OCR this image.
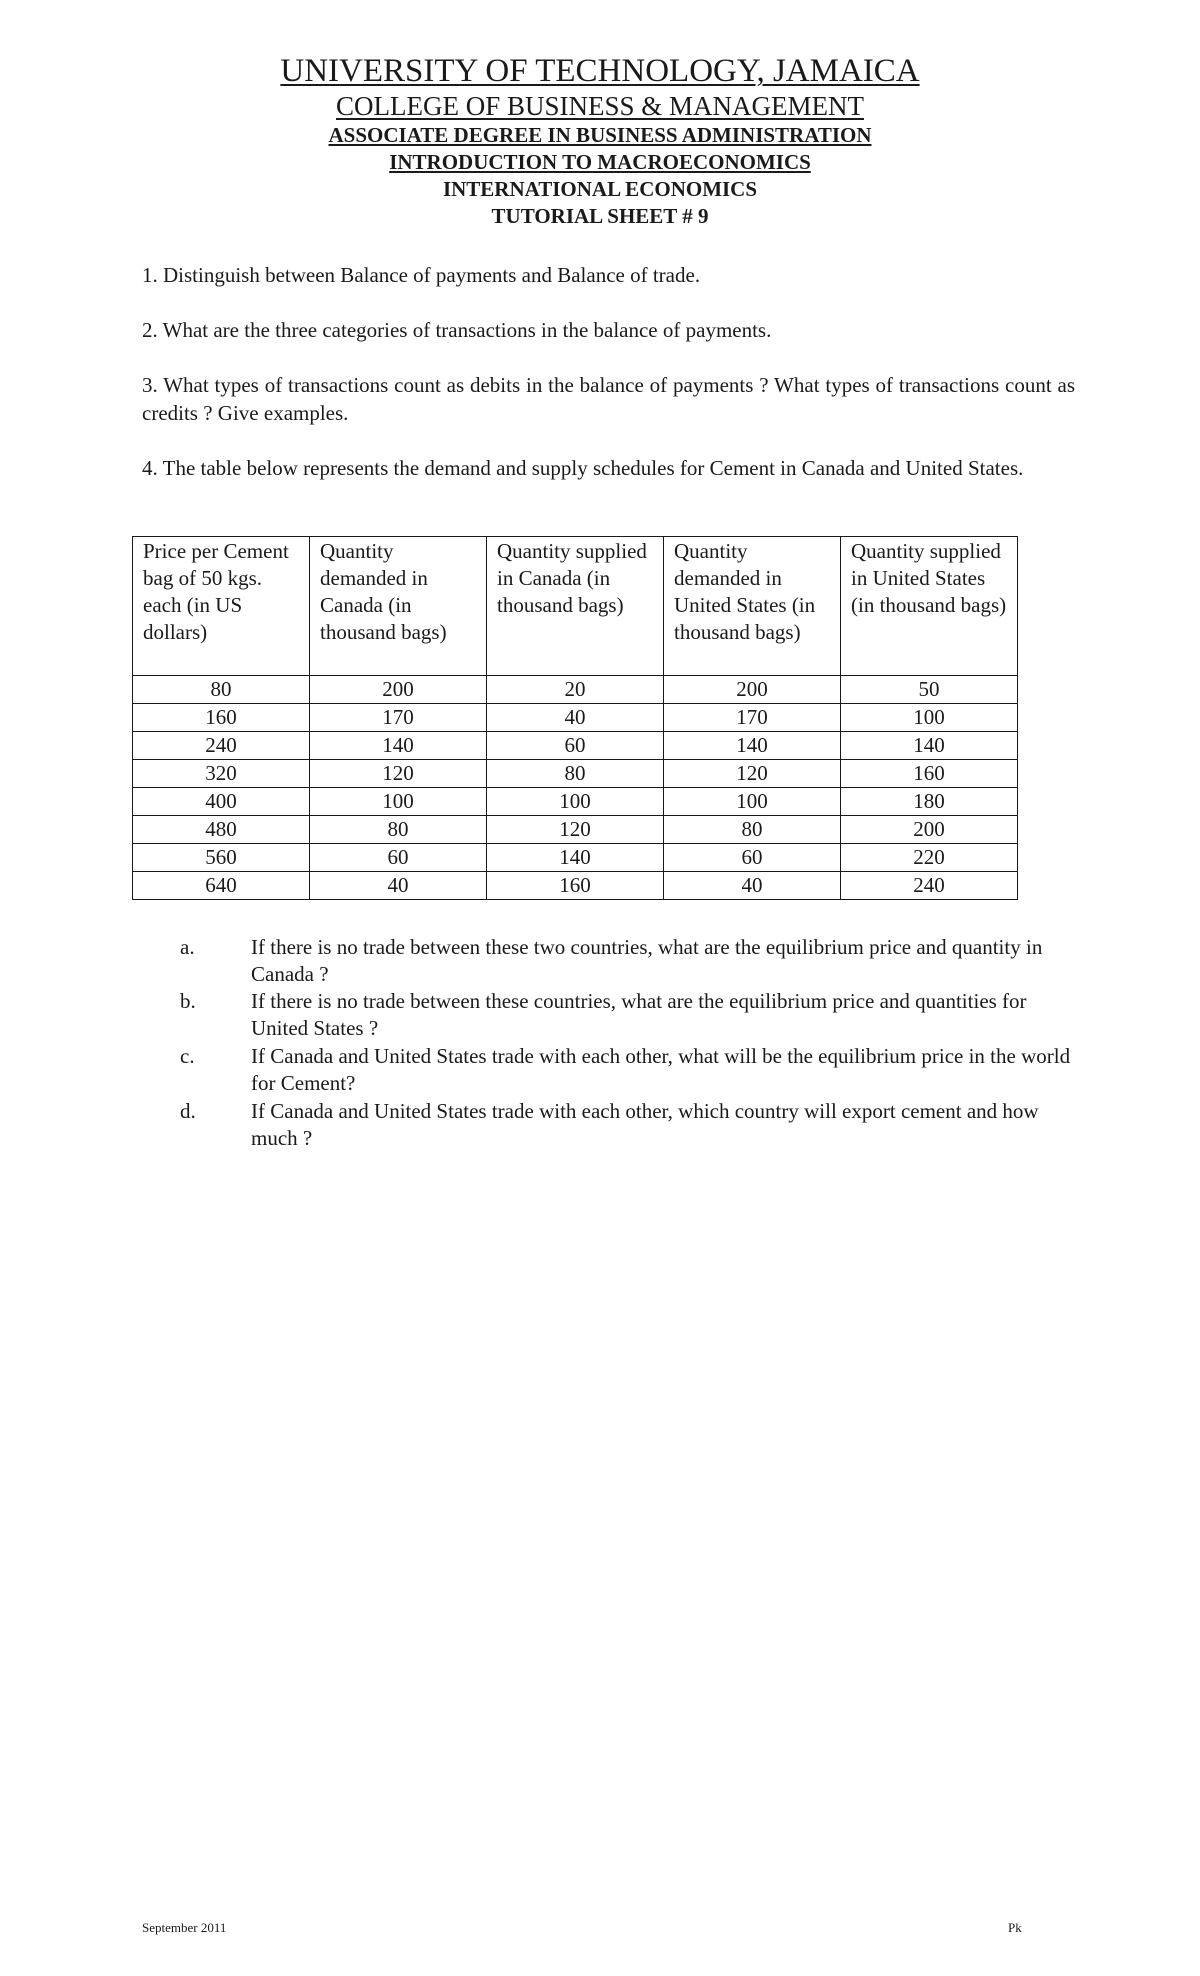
UNIVERSITY OF TECHNOLOGY, JAMAICA
COLLEGE OF BUSINESS & MANAGEMENT
ASSOCIATE DEGREE IN BUSINESS ADMINISTRATION
INTRODUCTION TO MACROECONOMICS
INTERNATIONAL ECONOMICS
TUTORIAL SHEET # 9
1. Distinguish between Balance of payments and Balance of trade.
2. What are the three categories of transactions in the balance of payments.
3. What types of transactions count as debits in the balance of payments ? What types of transactions count as credits ? Give examples.
4. The table below represents the demand and supply schedules for Cement in Canada and United States.
Price per Cement bag of 50 kgs. each (in US dollars)	Quantity demanded in Canada (in thousand bags)	Quantity supplied in Canada (in thousand bags)	Quantity demanded in United States (in thousand bags)	Quantity supplied in United States (in thousand bags)
80	200	20	200	50
160	170	40	170	100
240	140	60	140	140
320	120	80	120	160
400	100	100	100	180
480	80	120	80	200
560	60	140	60	220
640	40	160	40	240
a.	If there is no trade between these two countries, what are the equilibrium price and quantity in Canada ?
b.	If there is no trade between these countries, what are the equilibrium price and quantities for United States ?
c.	If Canada and United States trade with each other, what will be the equilibrium price in the world for Cement?
d.	If Canada and United States trade with each other, which country will export cement and how much ?
September 2011	Pk
